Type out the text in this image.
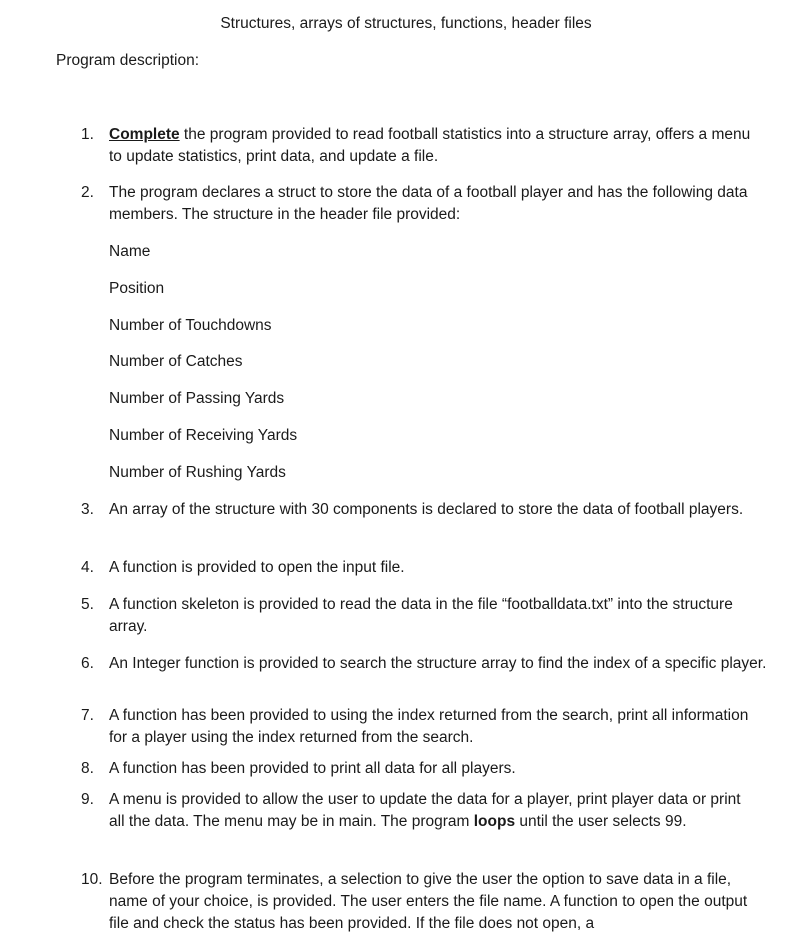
Structures, arrays of structures, functions, header files
Program description:
1. Complete the program provided to read football statistics into a structure array, offers a menu to update statistics, print data, and update a file.
2. The program declares a struct to store the data of a football player and has the following data members. The structure in the header file provided:
Name
Position
Number of Touchdowns
Number of Catches
Number of Passing Yards
Number of Receiving Yards
Number of Rushing Yards
3. An array of the structure with 30 components is declared to store the data of football players.
4. A function is provided to open the input file.
5. A function skeleton is provided to read the data in the file “footballdata.txt” into the structure array.
6. An Integer function is provided to search the structure array to find the index of a specific player.
7. A function has been provided to using the index returned from the search, print all information for a player using the index returned from the search.
8. A function has been provided to print all data for all players.
9. A menu is provided to allow the user to update the data for a player, print player data or print all the data. The menu may be in main. The program loops until the user selects 99.
10. Before the program terminates, a selection to give the user the option to save data in a file, name of your choice, is provided. The user enters the file name. A function to open the output file and check the status has been provided. If the file does not open, a
